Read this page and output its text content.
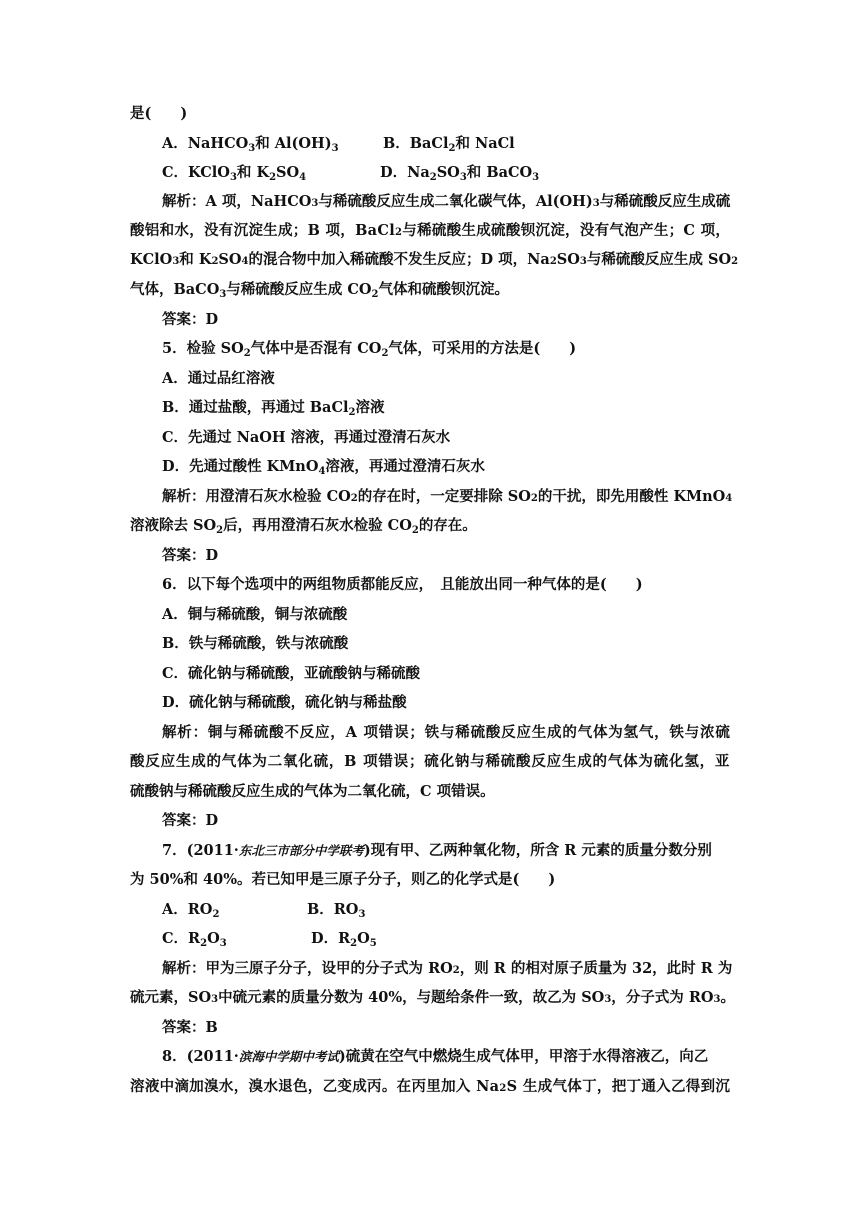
是(　　)
A．NaHCO$_3$和 $Al(OH)_3$	B．BaCl$_2$和 NaCl
C．KClO$_3$和 $K_2SO_4$	D．$Na_2SO_3$和 BaCO$_3$
解 析 ： A
项 ， N a H C O 3 与 稀 硫 酸 反 应 生 成 二 氧 化 碳 气 体 ， A l ( O H ) 3 与 稀 硫 酸 反 应 生 成 硫
酸 铝 和 水 ， 没 有 沉 淀 生 成 ； B
项 ， B a C l 2 与 稀 硫 酸 生 成 硫 酸 钡 沉 淀 ， 没 有 气 泡 产 生 ； C
项 ，
K C l O 3 和
K 2 S O 4 的 混 合 物 中 加 入 稀 硫 酸 不 发 生 反 应 ； D
项 ， N a 2 S O 3 与 稀 硫 酸 反 应 生 成
S O 2
气体，BaCO$_3$与稀硫酸反应生成 $CO_2$气体和硫酸钡沉淀。
答案：D
5．检验 $SO_2$气体中是否混有 $CO_2$气体，可采用的方法是(　　)
A．通过品红溶液
B．通过盐酸，再通过 BaCl$_2$溶液
C．先通过 NaOH 溶液，再通过澄清石灰水
D．先通过酸性 KMnO$_4$溶液，再通过澄清石灰水
解 析 ： 用 澄 清 石 灰 水 检 验
C O 2 的 存 在 时 ， 一 定 要 排 除
S O 2 的 干 扰 ， 即 先 用 酸 性
K M n O 4
溶液除去 $SO_2$后，再用澄清石灰水检验 $CO_2$的存在。
答案：D
6．以下每个选项中的两组物质都能反应，　且能放出同一种气体的是(　　)
A．铜与稀硫酸，铜与浓硫酸
B．铁与稀硫酸，铁与浓硫酸
C．硫化钠与稀硫酸，亚硫酸钠与稀硫酸
D．硫化钠与稀硫酸，硫化钠与稀盐酸
解 析 ： 铜 与 稀 硫 酸 不 反 应 ， A
项 错 误 ； 铁 与 稀 硫 酸 反 应 生 成 的 气 体 为 氢 气 ， 铁 与 浓 硫
酸 反 应 生 成 的 气 体 为 二 氧 化 硫 ， B
项 错 误 ； 硫 化 钠 与 稀 硫 酸 反 应 生 成 的 气 体 为 硫 化 氢 ， 亚
硫酸钠与稀硫酸反应生成的气体为二氧化硫，C 项错误。
答案：D
7．(2011·东北三市部分中学联考)现有甲、乙两种氧化物，所含 R 元素的质量分数分别
为 50%和 40%。若已知甲是三原子分子，则乙的化学式是(　　)
A．$RO_2$	B．$RO_3$
C．$R_2O_3$	D．$R_2O_5$
解 析 ： 甲 为 三 原 子 分 子 ， 设 甲 的 分 子 式 为
R O 2 ， 则
R
的 相 对 原 子 质 量 为
3 2 ， 此 时
R
为
硫 元 素 ， S O 3 中 硫 元 素 的 质 量 分 数 为
4 0 % ， 与 题 给 条 件 一 致 ， 故 乙 为
S O 3 ， 分 子 式 为
R O 3 。
答案：B
8．(2011·滨海中学期中考试)硫黄在空气中燃烧生成气体甲，甲溶于水得溶液乙，向乙
溶 液 中 滴 加 溴 水 ， 溴 水 退 色 ， 乙 变 成 丙 。 在 丙 里 加 入
N a 2 S
生 成 气 体 丁 ， 把 丁 通 入 乙 得 到 沉
